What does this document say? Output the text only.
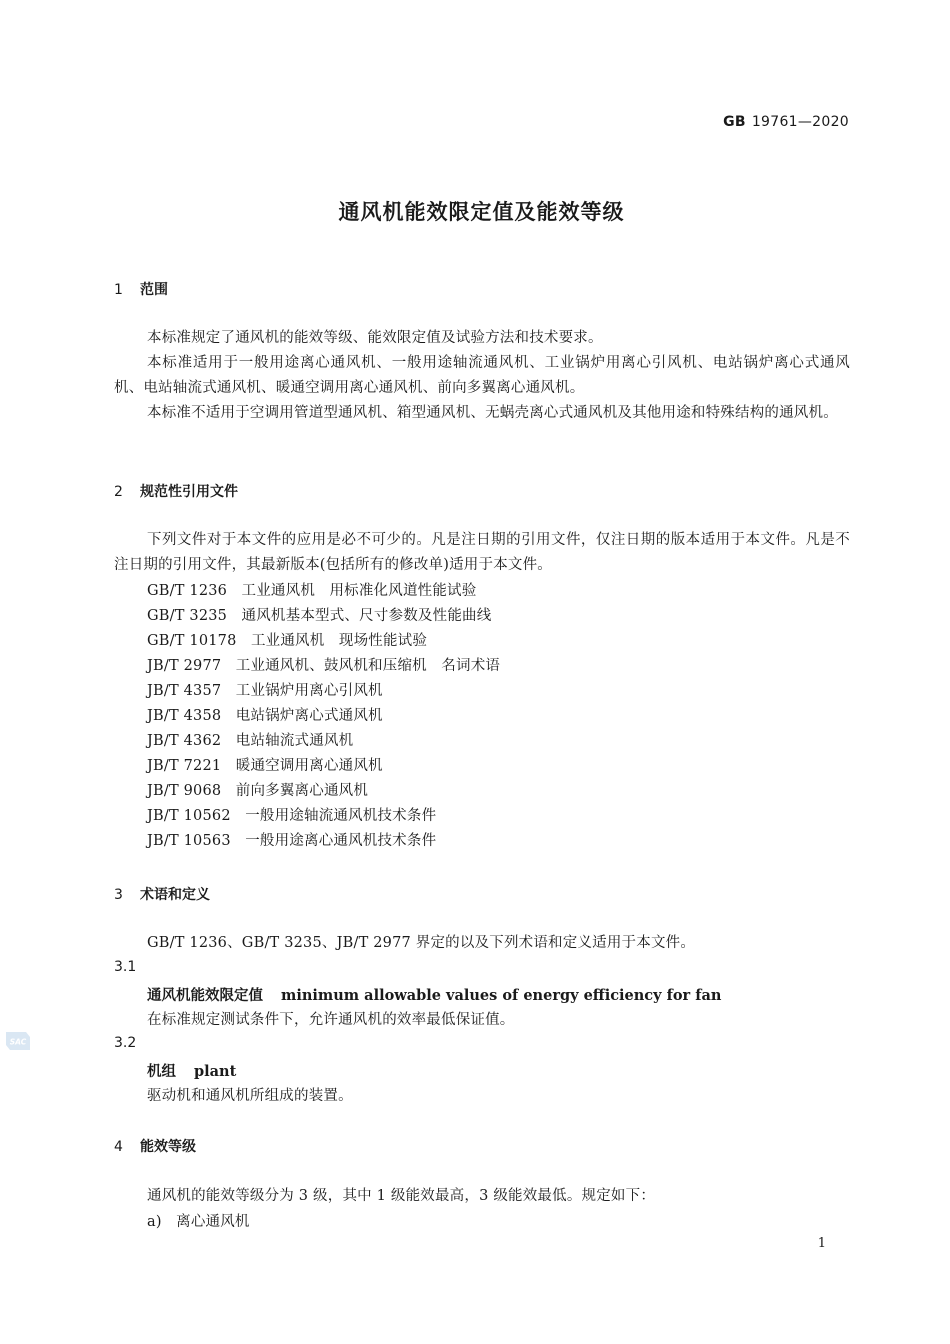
GB 19761—2020
通风机能效限定值及能效等级
1 范围
本标准规定了通风机的能效等级、能效限定值及试验方法和技术要求。
本标准适用于一般用途离心通风机、一般用途轴流通风机、工业锅炉用离心引风机、电站锅炉离心式通风机、电站轴流式通风机、暖通空调用离心通风机、前向多翼离心通风机。
本标准不适用于空调用管道型通风机、箱型通风机、无蜗壳离心式通风机及其他用途和特殊结构的通风机。
2 规范性引用文件
下列文件对于本文件的应用是必不可少的。凡是注日期的引用文件，仅注日期的版本适用于本文件。凡是不注日期的引用文件，其最新版本(包括所有的修改单)适用于本文件。
GB/T 1236   工业通风机   用标准化风道性能试验
GB/T 3235   通风机基本型式、尺寸参数及性能曲线
GB/T 10178   工业通风机   现场性能试验
JB/T 2977   工业通风机、鼓风机和压缩机   名词术语
JB/T 4357   工业锅炉用离心引风机
JB/T 4358   电站锅炉离心式通风机
JB/T 4362   电站轴流式通风机
JB/T 7221   暖通空调用离心通风机
JB/T 9068   前向多翼离心通风机
JB/T 10562   一般用途轴流通风机技术条件
JB/T 10563   一般用途离心通风机技术条件
3 术语和定义
GB/T 1236、GB/T 3235、JB/T 2977 界定的以及下列术语和定义适用于本文件。
3.1
通风机能效限定值 minimum allowable values of energy efficiency for fan
在标准规定测试条件下，允许通风机的效率最低保证值。
3.2
机组 plant
驱动机和通风机所组成的装置。
4 能效等级
通风机的能效等级分为 3 级，其中 1 级能效最高，3 级能效最低。规定如下：
a)   离心通风机
SAC
1
